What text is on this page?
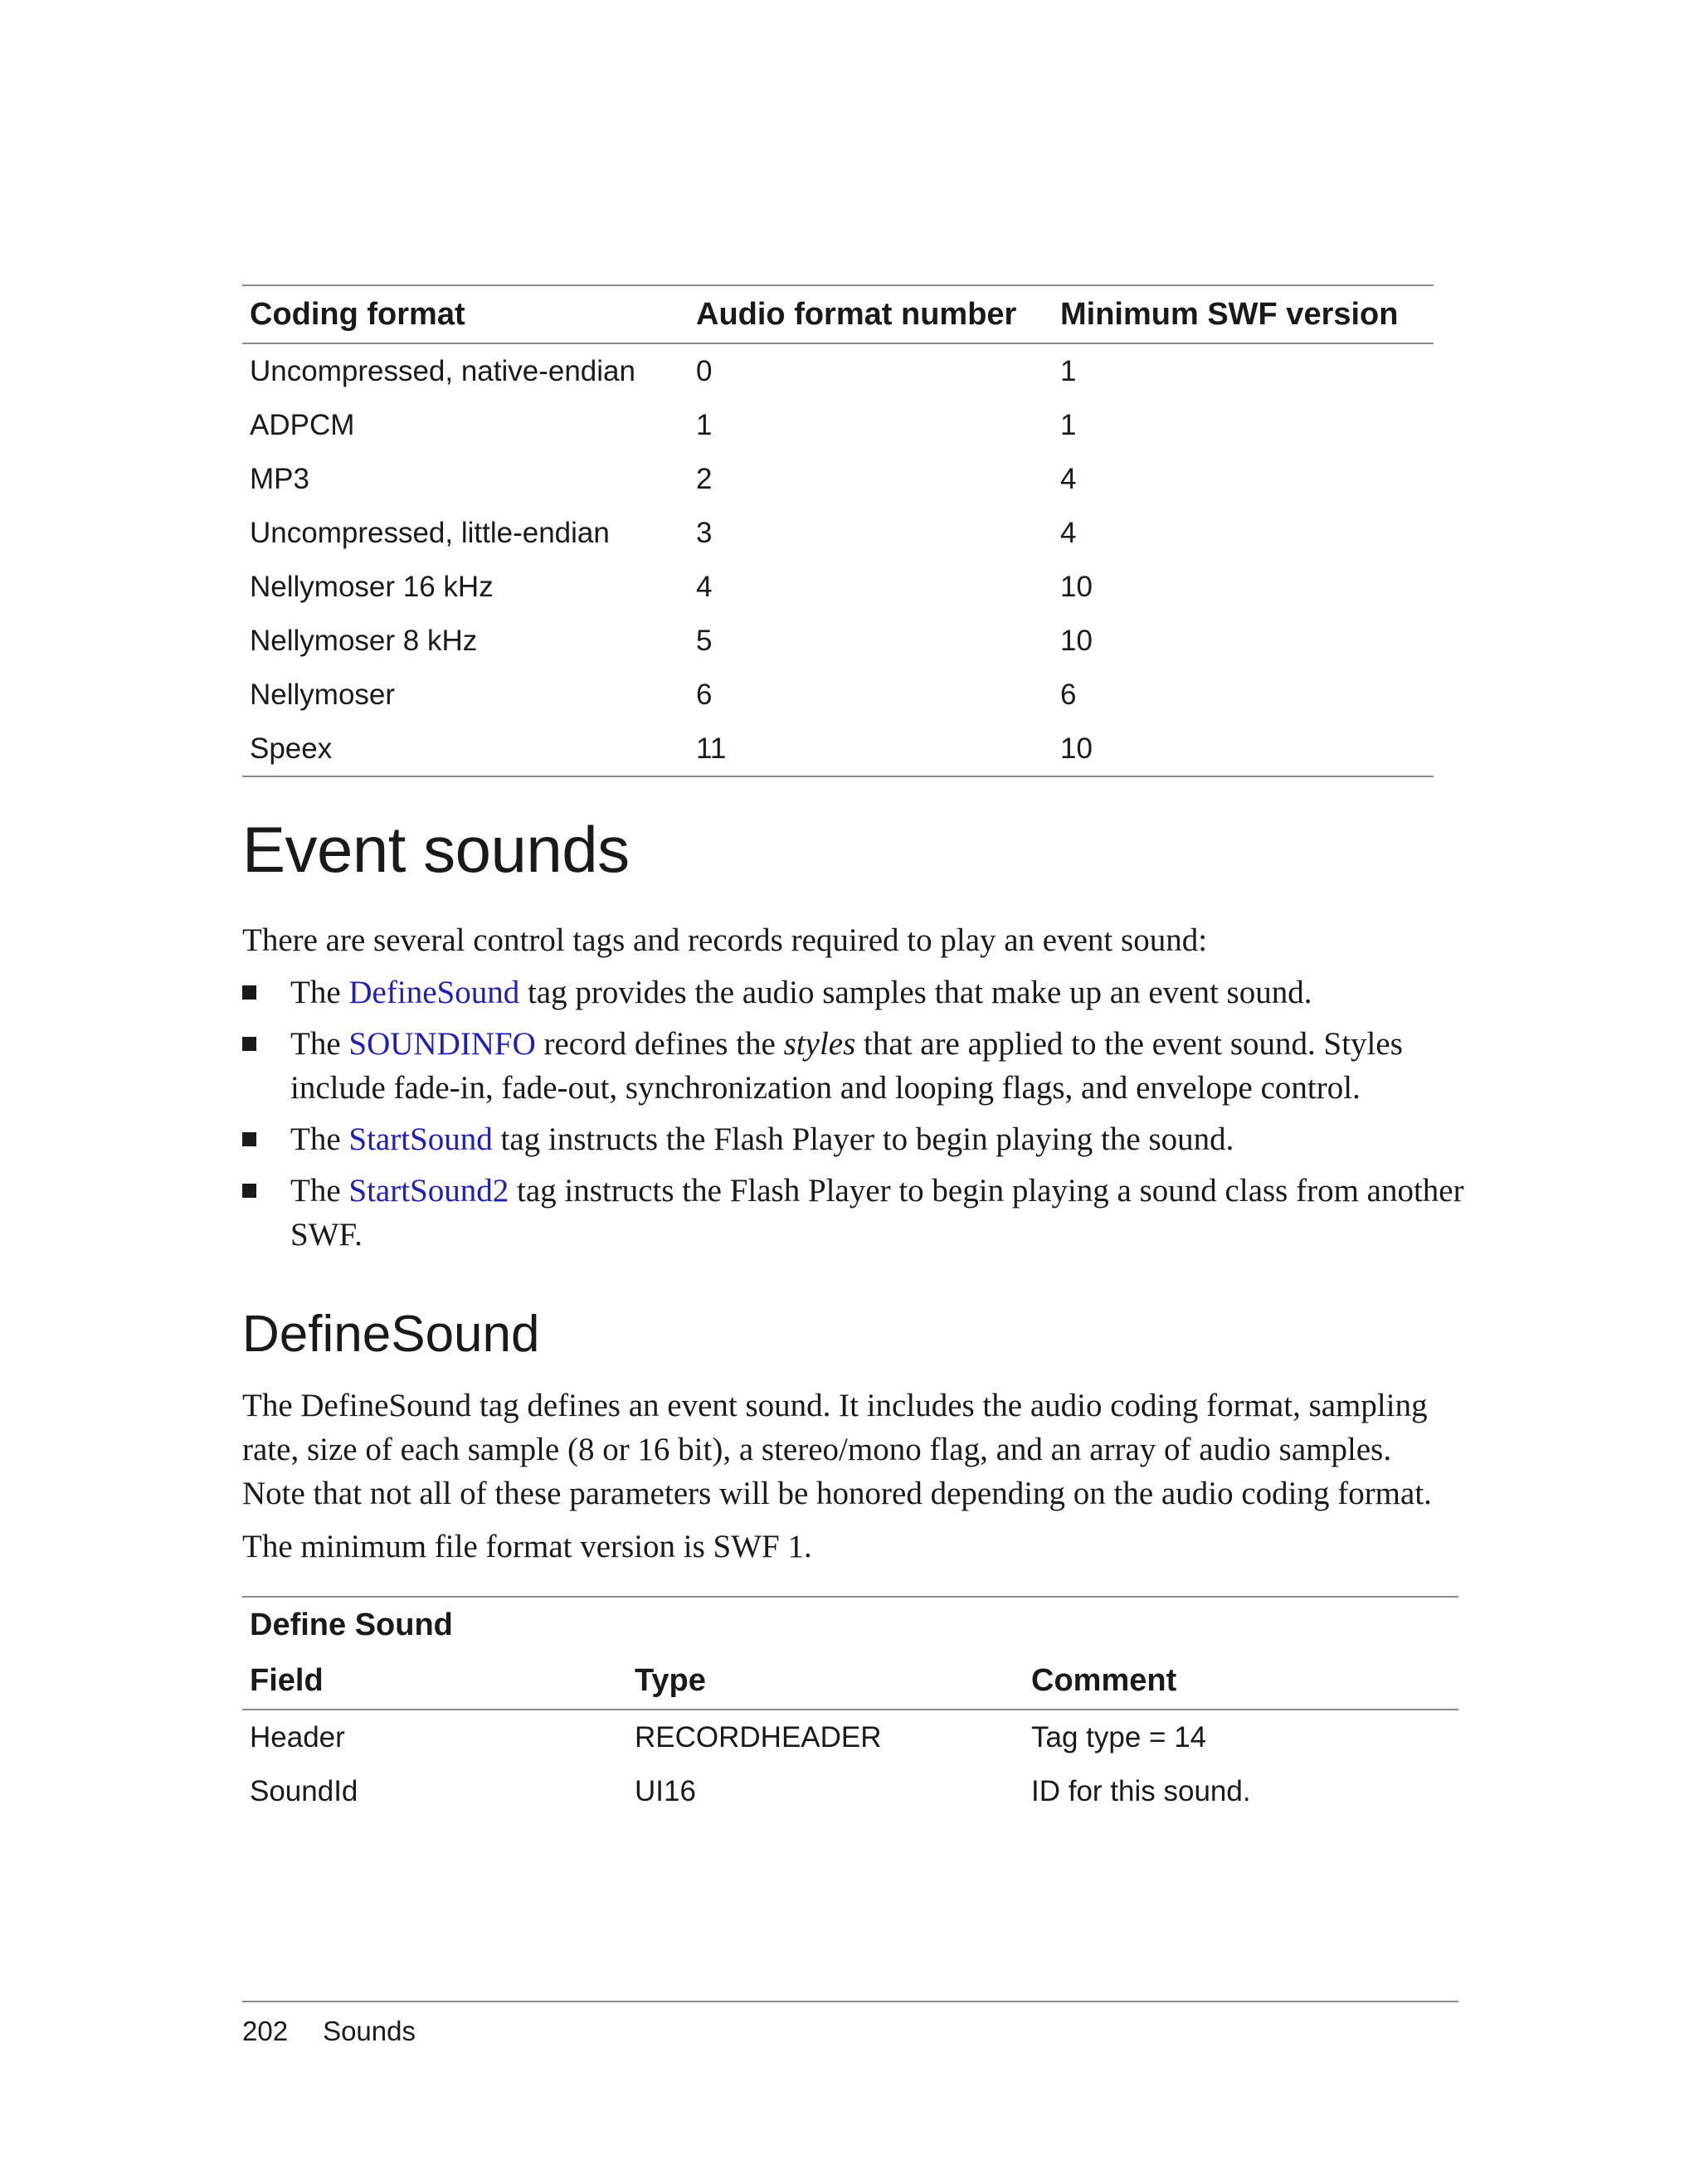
Coding format	Audio format number	Minimum SWF version
Uncompressed, native-endian	0	1
ADPCM	1	1
MP3	2	4
Uncompressed, little-endian	3	4
Nellymoser 16 kHz	4	10
Nellymoser 8 kHz	5	10
Nellymoser	6	6
Speex	11	10
Event sounds

There are several control tags and records required to play an event sound:

The DefineSound tag provides the audio samples that make up an event sound.
The SOUNDINFO record defines the styles that are applied to the event sound. Styles include fade-in, fade-out, synchronization and looping flags, and envelope control.
The StartSound tag instructs the Flash Player to begin playing the sound.
The StartSound2 tag instructs the Flash Player to begin playing a sound class from another SWF.
DefineSound

The DefineSound tag defines an event sound. It includes the audio coding format, sampling rate, size of each sample (8 or 16 bit), a stereo/mono flag, and an array of audio samples. Note that not all of these parameters will be honored depending on the audio coding format.

The minimum file format version is SWF 1.

Define Sound
Field	Type	Comment
Header	RECORDHEADER	Tag type = 14
SoundId	UI16	ID for this sound.
202 Sounds
